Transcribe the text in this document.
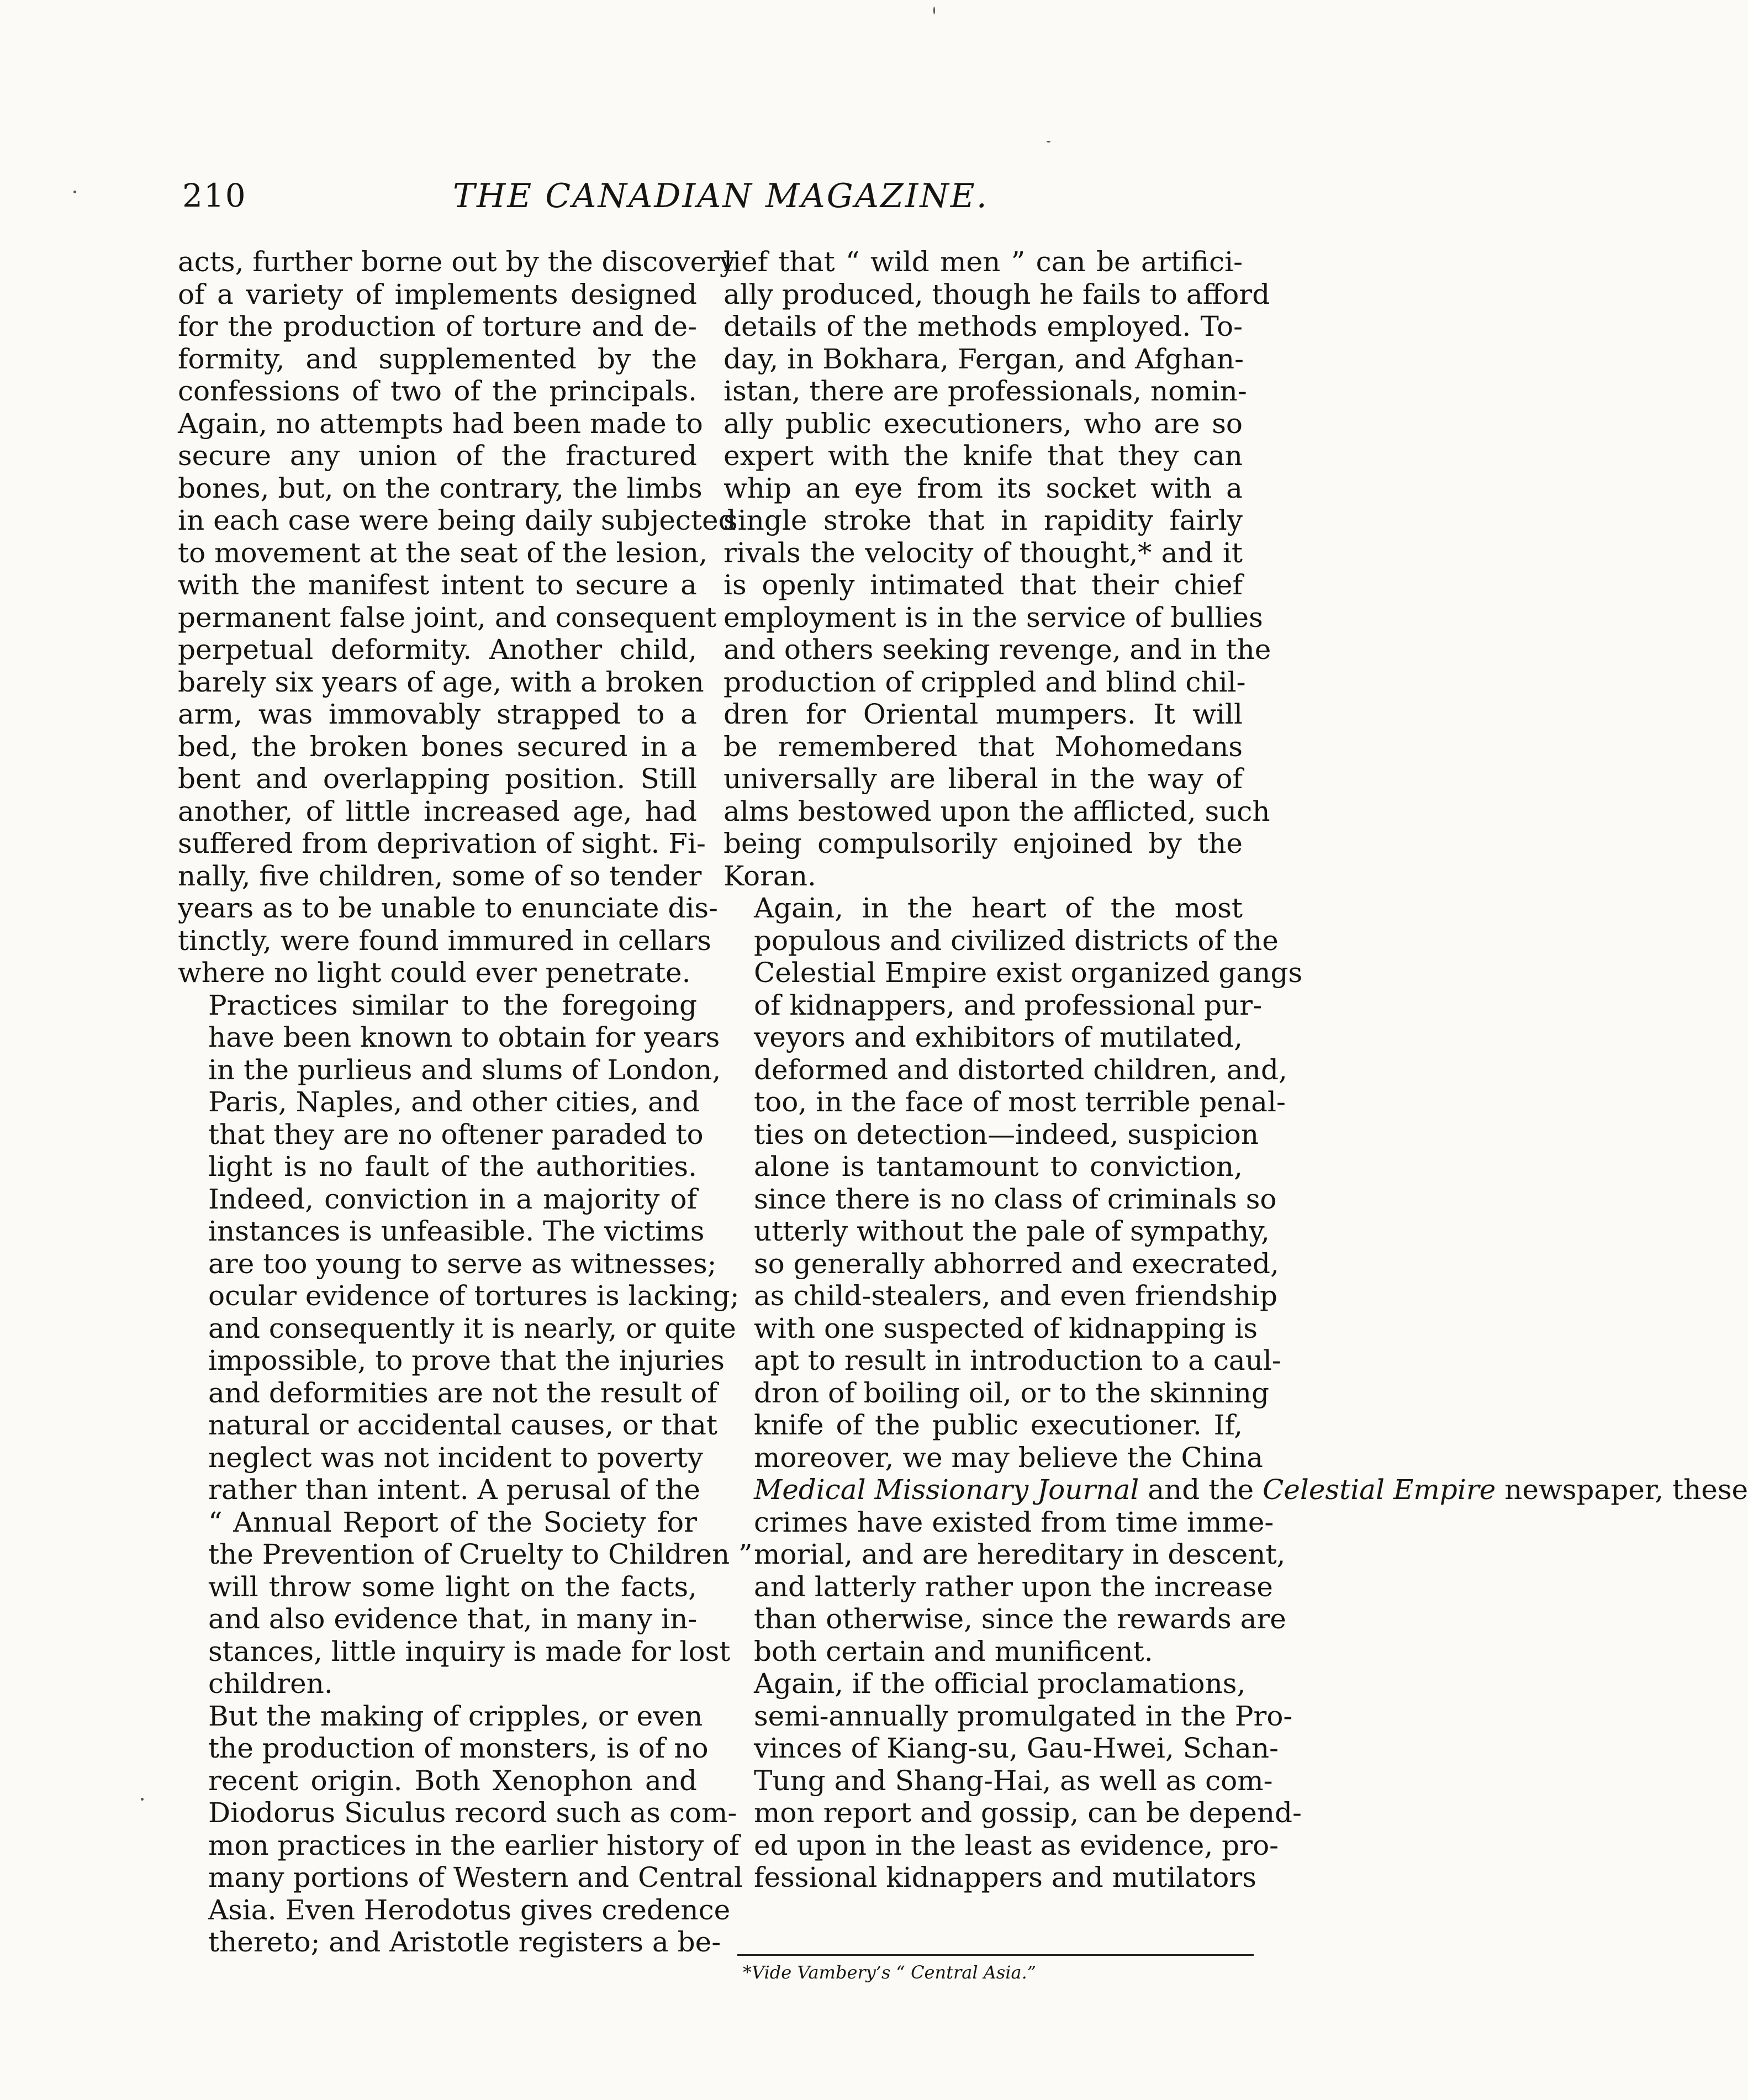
210	THE CANADIAN MAGAZINE.

acts, further borne out by the discovery
of a variety of implements designed
for the production of torture and de-
formity, and supplemented by the
confessions of two of the principals.
Again, no attempts had been made to
secure any union of the fractured
bones, but, on the contrary, the limbs
in each case were being daily subjected
to movement at the seat of the lesion,
with the manifest intent to secure a
permanent false joint, and consequent
perpetual deformity. Another child,
barely six years of age, with a broken
arm, was immovably strapped to a
bed, the broken bones secured in a
bent and overlapping position. Still
another, of little increased age, had
suffered from deprivation of sight. Fi-
nally, five children, some of so tender
years as to be unable to enunciate dis-
tinctly, were found immured in cellars
where no light could ever penetrate.

Practices similar to the foregoing
have been known to obtain for years
in the purlieus and slums of London,
Paris, Naples, and other cities, and
that they are no oftener paraded to
light is no fault of the authorities.
Indeed, conviction in a majority of
instances is unfeasible. The victims
are too young to serve as witnesses;
ocular evidence of tortures is lacking;
and consequently it is nearly, or quite
impossible, to prove that the injuries
and deformities are not the result of
natural or accidental causes, or that
neglect was not incident to poverty
rather than intent. A perusal of the
“ Annual Report of the Society for
the Prevention of Cruelty to Children ”
will throw some light on the facts,
and also evidence that, in many in-
stances, little inquiry is made for lost
children.

But the making of cripples, or even
the production of monsters, is of no
recent origin. Both Xenophon and
Diodorus Siculus record such as com-
mon practices in the earlier history of
many portions of Western and Central
Asia. Even Herodotus gives credence
thereto; and Aristotle registers a be-

lief that “ wild men ” can be artifici-
ally produced, though he fails to afford
details of the methods employed. To-
day, in Bokhara, Fergan, and Afghan-
istan, there are professionals, nomin-
ally public executioners, who are so
expert with the knife that they can
whip an eye from its socket with a
single stroke that in rapidity fairly
rivals the velocity of thought,* and it
is openly intimated that their chief
employment is in the service of bullies
and others seeking revenge, and in the
production of crippled and blind chil-
dren for Oriental mumpers. It will
be remembered that Mohomedans
universally are liberal in the way of
alms bestowed upon the afflicted, such
being compulsorily enjoined by the
Koran.

Again, in the heart of the most
populous and civilized districts of the
Celestial Empire exist organized gangs
of kidnappers, and professional pur-
veyors and exhibitors of mutilated,
deformed and distorted children, and,
too, in the face of most terrible penal-
ties on detection—indeed, suspicion
alone is tantamount to conviction,
since there is no class of criminals so
utterly without the pale of sympathy,
so generally abhorred and execrated,
as child-stealers, and even friendship
with one suspected of kidnapping is
apt to result in introduction to a caul-
dron of boiling oil, or to the skinning
knife of the public executioner. If,
moreover, we may believe the China
Medical Missionary Journal and the Celestial Empire newspaper, these
crimes have existed from time imme-
morial, and are hereditary in descent,
and latterly rather upon the increase
than otherwise, since the rewards are
both certain and munificent.

Again, if the official proclamations,
semi-annually promulgated in the Pro-
vinces of Kiang-su, Gau-Hwei, Schan-
Tung and Shang-Hai, as well as com-
mon report and gossip, can be depend-
ed upon in the least as evidence, pro-
fessional kidnappers and mutilators

*Vide Vambery’s “ Central Asia.”
